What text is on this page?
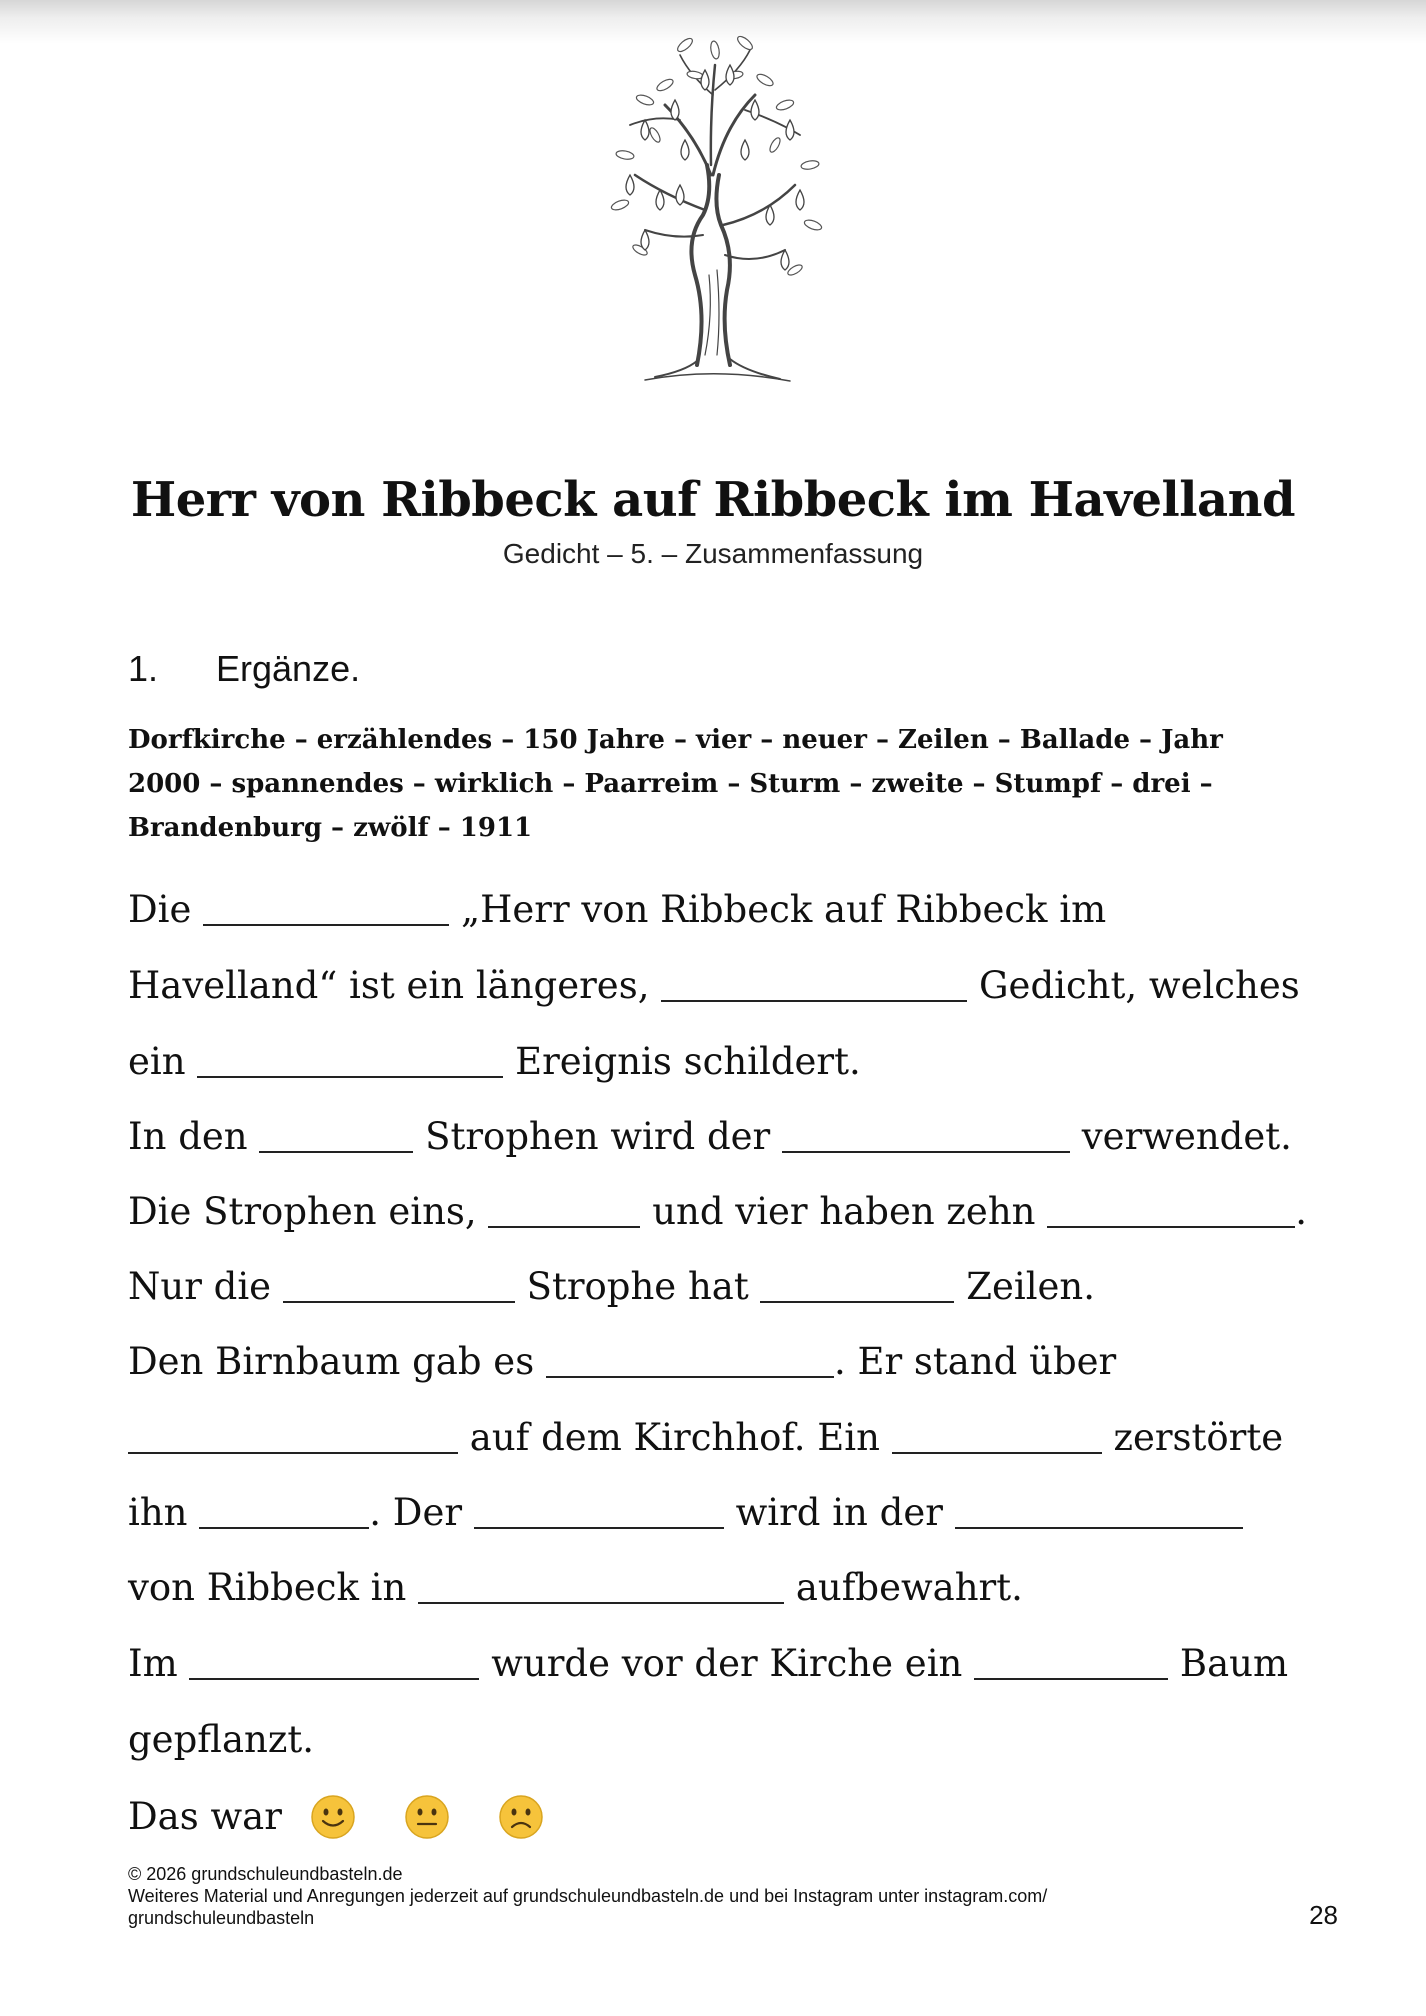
Herr von Ribbeck auf Ribbeck im Havelland
Gedicht – 5. – Zusammenfassung
1. Ergänze.
Dorfkirche – erzählendes – 150 Jahre – vier – neuer – Zeilen – Ballade – Jahr
2000 – spannendes – wirklich – Paarreim – Sturm – zweite – Stumpf – drei –
Brandenburg – zwölf – 1911
Die	„Herr von Ribbeck auf Ribbeck im
Havelland“ ist ein längeres,	Gedicht, welches
ein	Ereignis schildert.
In den	Strophen wird der	verwendet.
Die Strophen eins,	und vier haben zehn	.
Nur die	Strophe hat	Zeilen.
Den Birnbaum gab es	. Er stand über
auf dem Kirchhof. Ein	zerstörte
ihn	. Der	wird in der
von Ribbeck in	aufbewahrt.
Im	wurde vor der Kirche ein	Baum
gepflanzt.
Das war
© 2026 grundschuleundbasteln.de
Weiteres Material und Anregungen jederzeit auf grundschuleundbasteln.de und bei Instagram unter instagram.com/
grundschuleundbasteln	28
